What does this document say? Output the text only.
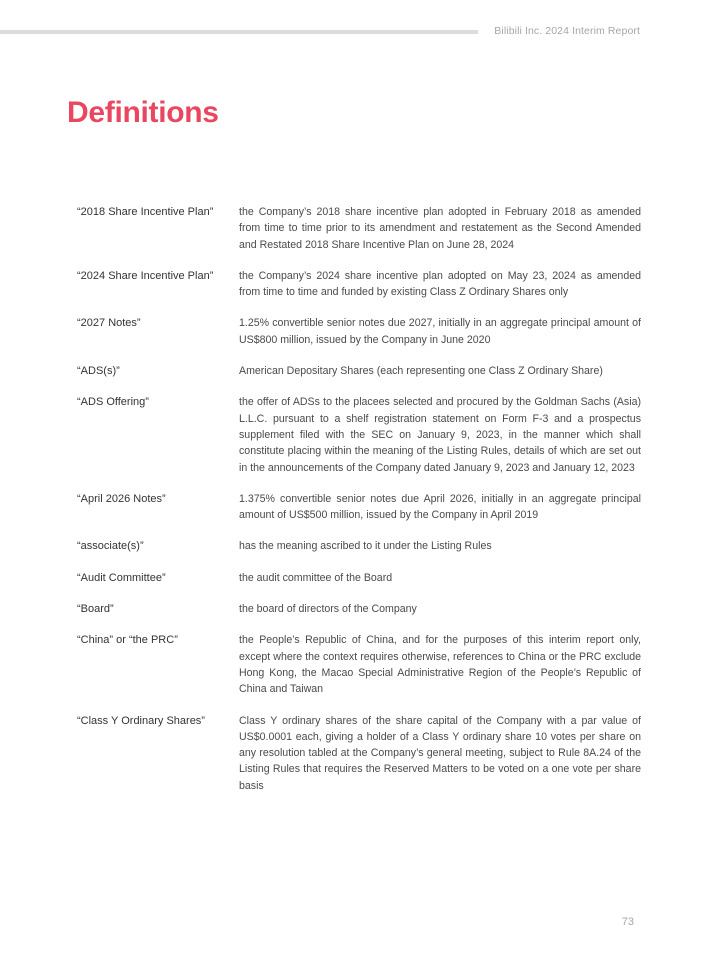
Bilibili Inc. 2024 Interim Report
Definitions
“2018 Share Incentive Plan”	the Company’s 2018 share incentive plan adopted in February 2018 as amended from time to time prior to its amendment and restatement as the Second Amended and Restated 2018 Share Incentive Plan on June 28, 2024
“2024 Share Incentive Plan”	the Company’s 2024 share incentive plan adopted on May 23, 2024 as amended from time to time and funded by existing Class Z Ordinary Shares only
“2027 Notes”	1.25% convertible senior notes due 2027, initially in an aggregate principal amount of US$800 million, issued by the Company in June 2020
“ADS(s)”	American Depositary Shares (each representing one Class Z Ordinary Share)
“ADS Offering”	the offer of ADSs to the placees selected and procured by the Goldman Sachs (Asia) L.L.C. pursuant to a shelf registration statement on Form F-3 and a prospectus supplement filed with the SEC on January 9, 2023, in the manner which shall constitute placing within the meaning of the Listing Rules, details of which are set out in the announcements of the Company dated January 9, 2023 and January 12, 2023
“April 2026 Notes”	1.375% convertible senior notes due April 2026, initially in an aggregate principal amount of US$500 million, issued by the Company in April 2019
“associate(s)”	has the meaning ascribed to it under the Listing Rules
“Audit Committee”	the audit committee of the Board
“Board”	the board of directors of the Company
“China” or “the PRC”	the People’s Republic of China, and for the purposes of this interim report only, except where the context requires otherwise, references to China or the PRC exclude Hong Kong, the Macao Special Administrative Region of the People’s Republic of China and Taiwan
“Class Y Ordinary Shares”	Class Y ordinary shares of the share capital of the Company with a par value of US$0.0001 each, giving a holder of a Class Y ordinary share 10 votes per share on any resolution tabled at the Company’s general meeting, subject to Rule 8A.24 of the Listing Rules that requires the Reserved Matters to be voted on a one vote per share basis
73
